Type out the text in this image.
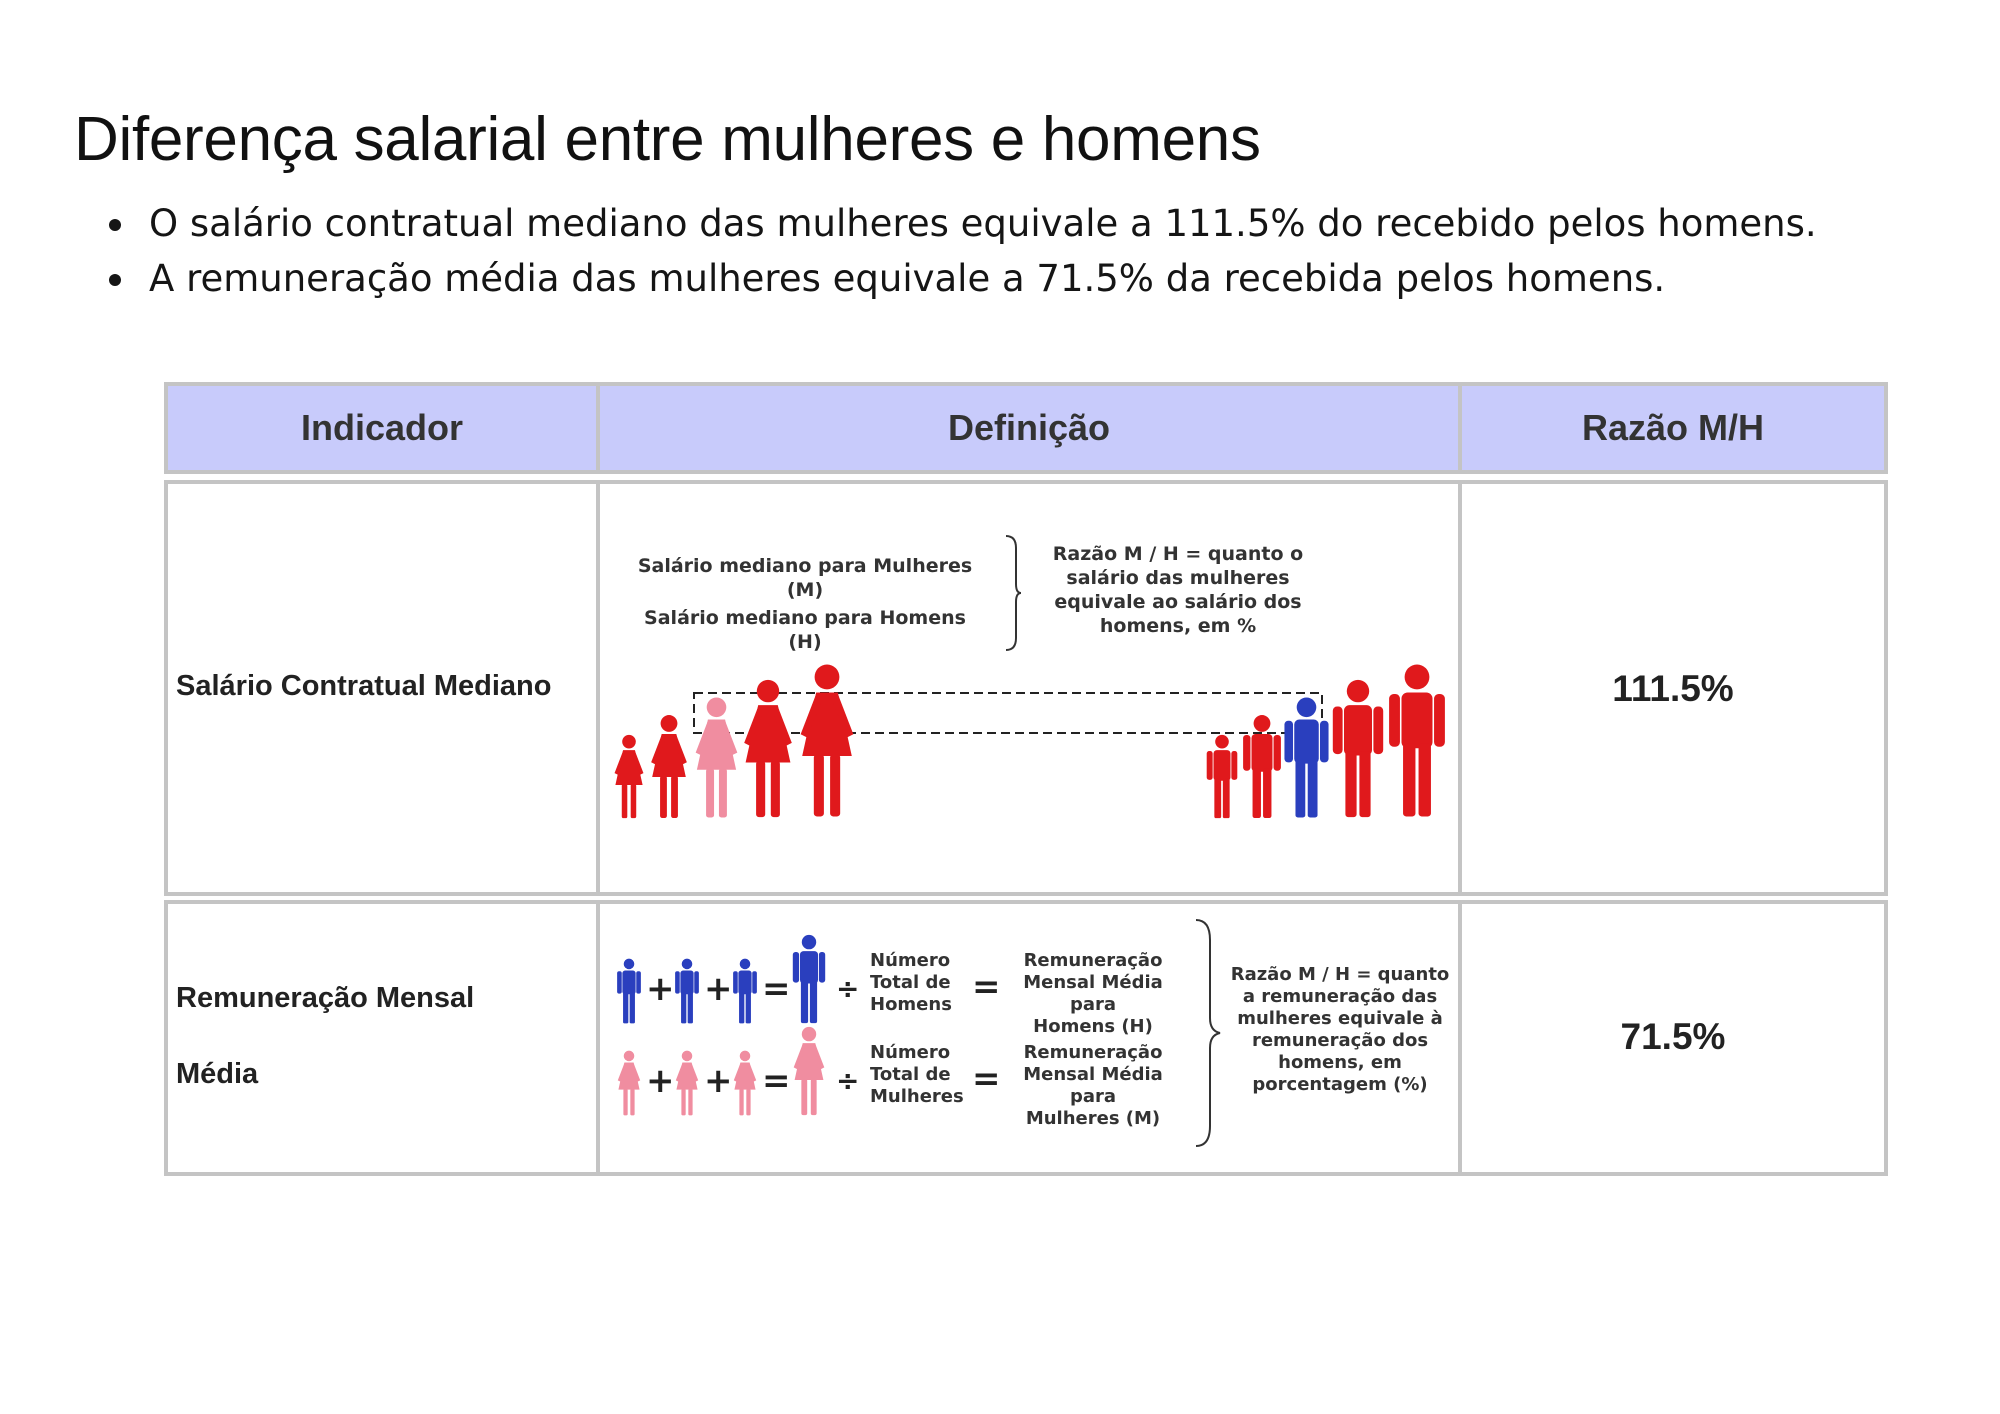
Diferença salarial entre mulheres e homens
O salário contratual mediano das mulheres equivale a 111.5% do recebido pelos homens.
A remuneração média das mulheres equivale a 71.5% da recebida pelos homens.
Indicador	Definição	Razão M/H
Salário Contratual Mediano
Salário mediano para Mulheres (M)
Salário mediano para Homens (H)
Razão M / H = quanto o
salário das mulheres
equivale ao salário dos
homens, em %
111.5%
Remuneração Mensal
Média
+ + = ÷
Número
Total de
Homens =
Remuneração
Mensal Média para
Homens (H)
+ + = ÷
Número
Total de
Mulheres =
Remuneração
Mensal Média para
Mulheres (M)
Razão M / H = quanto
a remuneração das
mulheres equivale à
remuneração dos
homens, em
porcentagem (%)
71.5%
